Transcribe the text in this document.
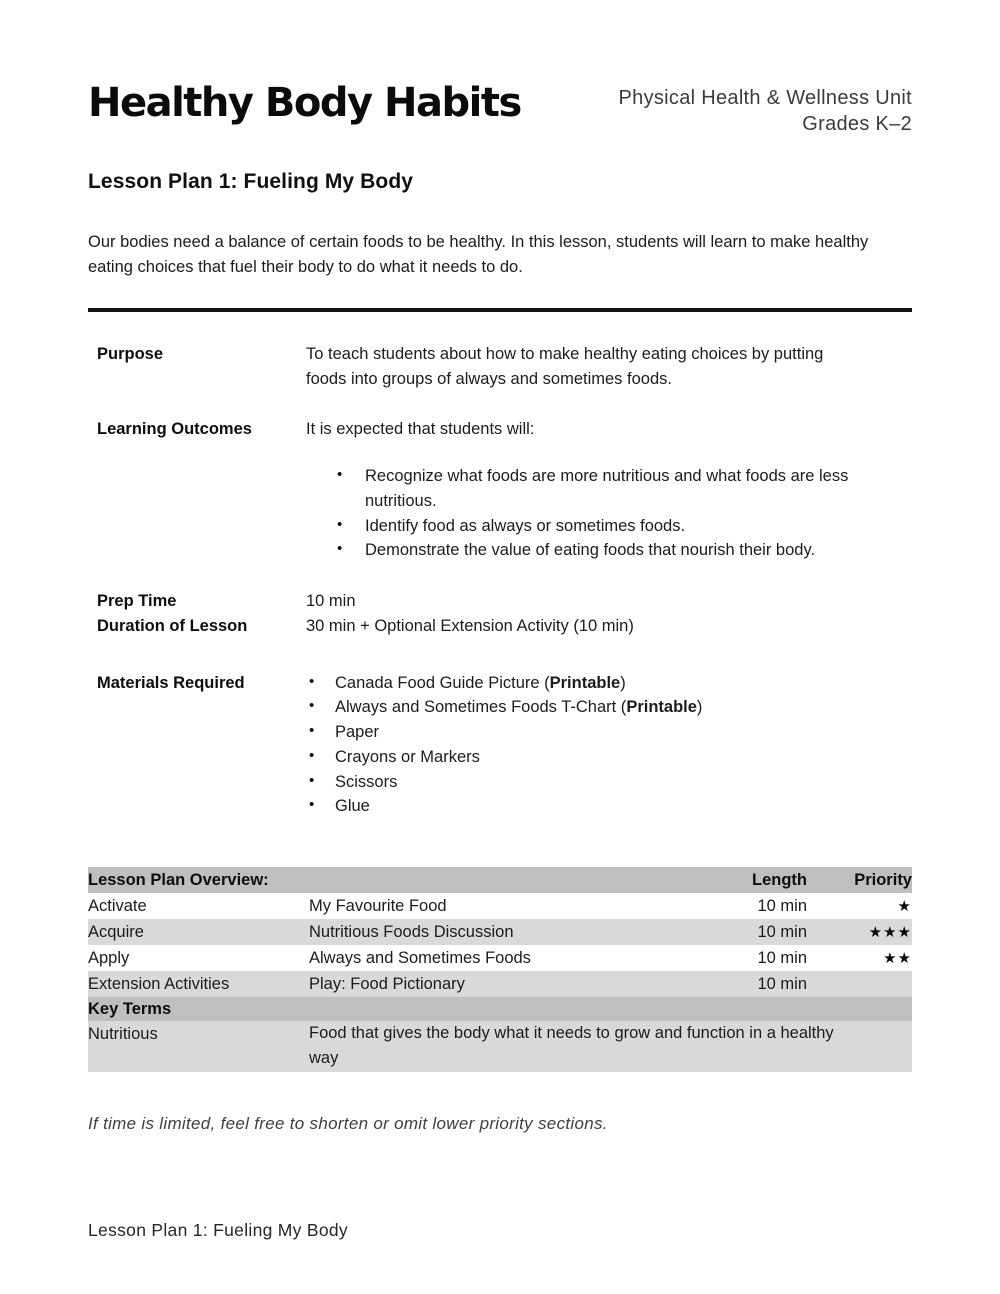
Healthy Body Habits	Physical Health & Wellness Unit
Grades K–2
Lesson Plan 1: Fueling My Body

Our bodies need a balance of certain foods to be healthy. In this lesson, students will learn to make healthy eating choices that fuel their body to do what it needs to do.

Purpose	To teach students about how to make healthy eating choices by putting foods into groups of always and sometimes foods.
Learning Outcomes	It is expected that students will:
• Recognize what foods are more nutritious and what foods are less nutritious.
• Identify food as always or sometimes foods.
• Demonstrate the value of eating foods that nourish their body.
Prep Time	10 min
Duration of Lesson	30 min + Optional Extension Activity (10 min)
Materials Required	• Canada Food Guide Picture (Printable)
• Always and Sometimes Foods T-Chart (Printable)
• Paper
• Crayons or Markers
• Scissors
• Glue
Lesson Plan Overview:		Length	Priority
Activate	My Favourite Food	10 min	★
Acquire	Nutritious Foods Discussion	10 min	★★★
Apply	Always and Sometimes Foods	10 min	★★
Extension Activities	Play: Food Pictionary	10 min	
Key Terms			
Nutritious	Food that gives the body what it needs to grow and function in a healthy way		

If time is limited, feel free to shorten or omit lower priority sections.

Lesson Plan 1: Fueling My Body
